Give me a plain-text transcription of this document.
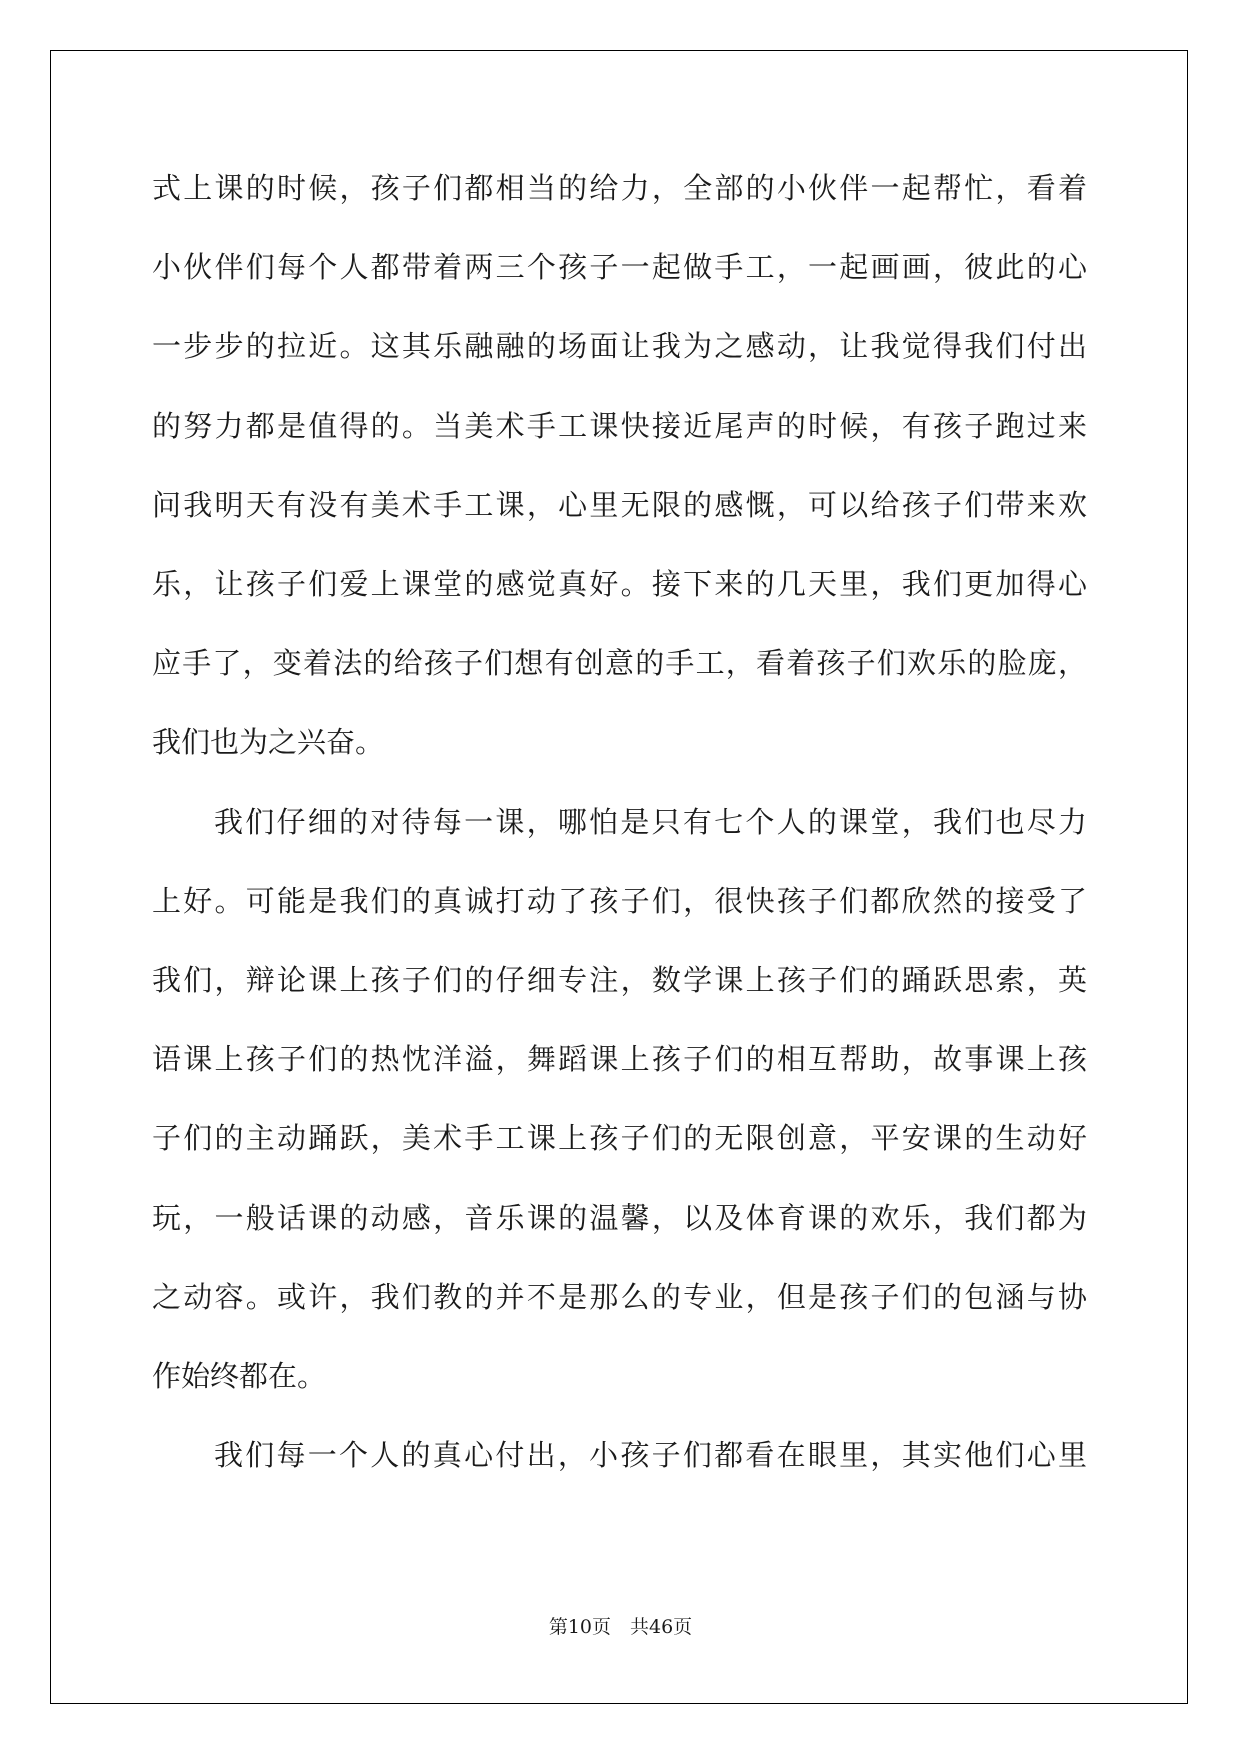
式上课的时候，孩子们都相当的给力，全部的小伙伴一起帮忙，看着
小伙伴们每个人都带着两三个孩子一起做手工，一起画画，彼此的心
一步步的拉近。这其乐融融的场面让我为之感动，让我觉得我们付出
的努力都是值得的。当美术手工课快接近尾声的时候，有孩子跑过来
问我明天有没有美术手工课，心里无限的感慨，可以给孩子们带来欢
乐，让孩子们爱上课堂的感觉真好。接下来的几天里，我们更加得心
应手了，变着法的给孩子们想有创意的手工，看着孩子们欢乐的脸庞，
我们也为之兴奋。
我们仔细的对待每一课，哪怕是只有七个人的课堂，我们也尽力
上好。可能是我们的真诚打动了孩子们，很快孩子们都欣然的接受了
我们，辩论课上孩子们的仔细专注，数学课上孩子们的踊跃思索，英
语课上孩子们的热忱洋溢，舞蹈课上孩子们的相互帮助，故事课上孩
子们的主动踊跃，美术手工课上孩子们的无限创意，平安课的生动好
玩，一般话课的动感，音乐课的温馨，以及体育课的欢乐，我们都为
之动容。或许，我们教的并不是那么的专业，但是孩子们的包涵与协
作始终都在。
我们每一个人的真心付出，小孩子们都看在眼里，其实他们心里
第10页　共46页
